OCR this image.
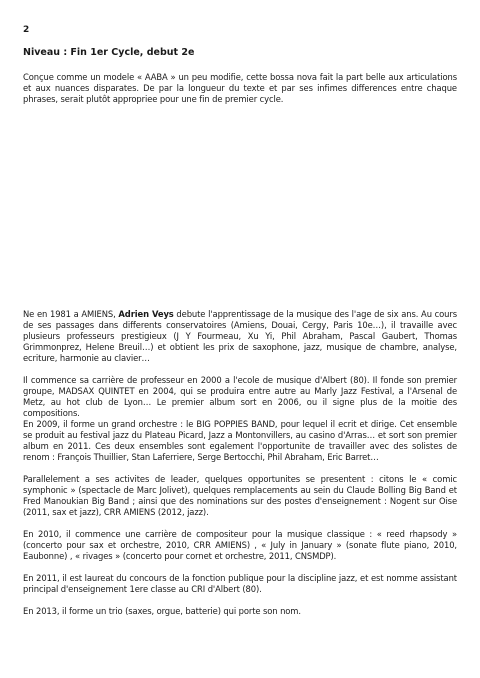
2
Niveau : Fin 1er Cycle, debut 2e

Conçue comme un modele « AABA » un peu modifie, cette bossa nova fait la part belle aux articulations et aux nuances disparates. De par la longueur du texte et par ses infimes differences entre chaque phrases, serait plutôt appropriee pour une fin de premier cycle.

Ne en 1981 a AMIENS, Adrien Veys debute l'apprentissage de la musique des l'age de six ans. Au cours de ses passages dans differents conservatoires (Amiens, Douai, Cergy, Paris 10e…), il travaille avec plusieurs professeurs prestigieux (J Y Fourmeau, Xu Yi, Phil Abraham, Pascal Gaubert, Thomas Grimmonprez, Helene Breuil…) et obtient les prix de saxophone, jazz, musique de chambre, analyse, ecriture, harmonie au clavier…

Il commence sa carrière de professeur en 2000 a l'ecole de musique d'Albert (80). Il fonde son premier groupe, MADSAX QUINTET en 2004, qui se produira entre autre au Marly Jazz Festival, a l'Arsenal de Metz, au hot club de Lyon… Le premier album sort en 2006, ou il signe plus de la moitie des compositions.

En 2009, il forme un grand orchestre : le BIG POPPIES BAND, pour lequel il ecrit et dirige. Cet ensemble se produit au festival jazz du Plateau Picard, Jazz a Montonvillers, au casino d'Arras… et sort son premier album en 2011. Ces deux ensembles sont egalement l'opportunite de travailler avec des solistes de renom : François Thuillier, Stan Laferriere, Serge Bertocchi, Phil Abraham, Eric Barret…

Parallelement a ses activites de leader, quelques opportunites se presentent : citons le « comic symphonic » (spectacle de Marc Jolivet), quelques remplacements au sein du Claude Bolling Big Band et Fred Manoukian Big Band ; ainsi que des nominations sur des postes d'enseignement : Nogent sur Oise (2011, sax et jazz), CRR AMIENS (2012, jazz).

En 2010, il commence une carrière de compositeur pour la musique classique : « reed rhapsody » (concerto pour sax et orchestre, 2010, CRR AMIENS) , « July in January » (sonate flute piano, 2010, Eaubonne) , « rivages » (concerto pour cornet et orchestre, 2011, CNSMDP).

En 2011, il est laureat du concours de la fonction publique pour la discipline jazz, et est nomme assistant principal d'enseignement 1ere classe au CRI d'Albert (80).

En 2013, il forme un trio (saxes, orgue, batterie) qui porte son nom.
